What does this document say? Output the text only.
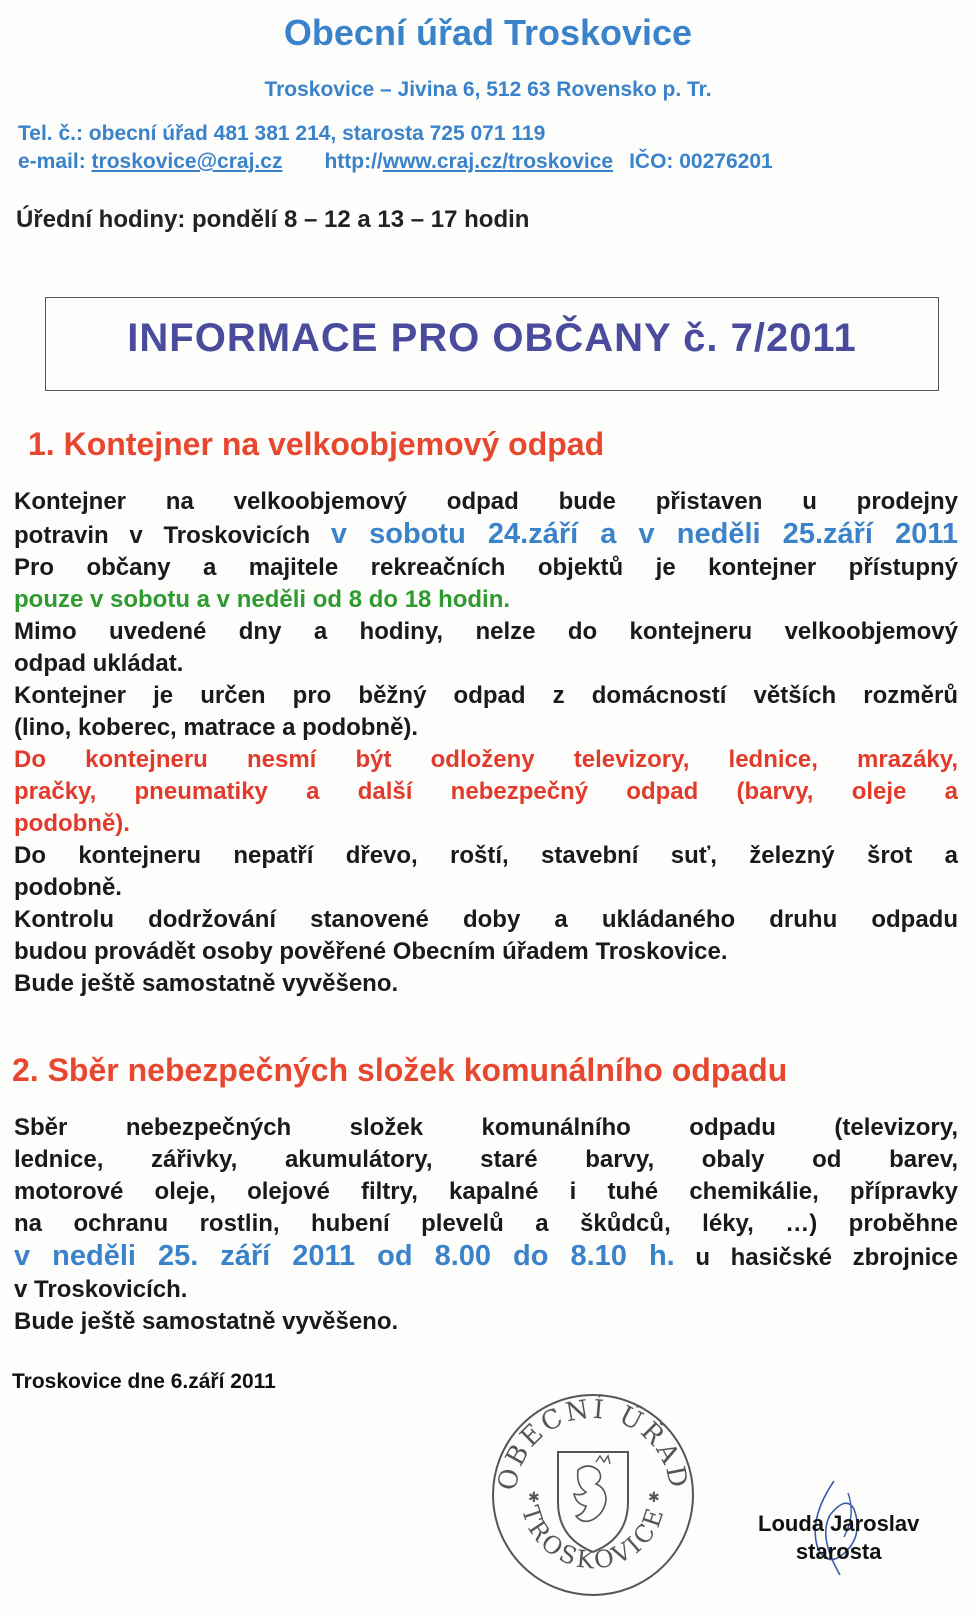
Obecní úřad Troskovice
Troskovice – Jivina 6, 512 63 Rovensko p. Tr.
Tel. č.: obecní úřad 481 381 214, starosta 725 071 119
e-mail: troskovice@craj.cz http://www.craj.cz/troskovice IČO: 00276201
Úřední hodiny: pondělí 8 – 12 a 13 – 17 hodin
INFORMACE PRO OBČANY č. 7/2011
1. Kontejner na velkoobjemový odpad
Kontejner na velkoobjemový odpad bude přistaven u prodejny
potravin v Troskovicích v sobotu 24.září a v neděli 25.září 2011
Pro občany a majitele rekreačních objektů je kontejner přístupný
pouze v sobotu a v neděli od 8 do 18 hodin.
Mimo uvedené dny a hodiny, nelze do kontejneru velkoobjemový
odpad ukládat.
Kontejner je určen pro běžný odpad z domácností větších rozměrů
(lino, koberec, matrace a podobně).
Do kontejneru nesmí být odloženy televizory, lednice, mrazáky,
pračky, pneumatiky a další nebezpečný odpad (barvy, oleje a
podobně).
Do kontejneru nepatří dřevo, roští, stavební suť, železný šrot a
podobně.
Kontrolu dodržování stanovené doby a ukládaného druhu odpadu
budou provádět osoby pověřené Obecním úřadem Troskovice.
Bude ještě samostatně vyvěšeno.
2. Sběr nebezpečných složek komunálního odpadu
Sběr nebezpečných složek komunálního odpadu (televizory,
lednice, zářivky, akumulátory, staré barvy, obaly od barev,
motorové oleje, olejové filtry, kapalné i tuhé chemikálie, přípravky
na ochranu rostlin, hubení plevelů a škůdců, léky, …) proběhne
v neděli 25. září 2011 od 8.00 do 8.10 h. u hasičské zbrojnice
v Troskovicích.
Bude ještě samostatně vyvěšeno.
Troskovice dne 6.září 2011
OBECNÍ ÚŘAD
TROSKOVICE
✱	✱
Louda Jaroslav
starosta
